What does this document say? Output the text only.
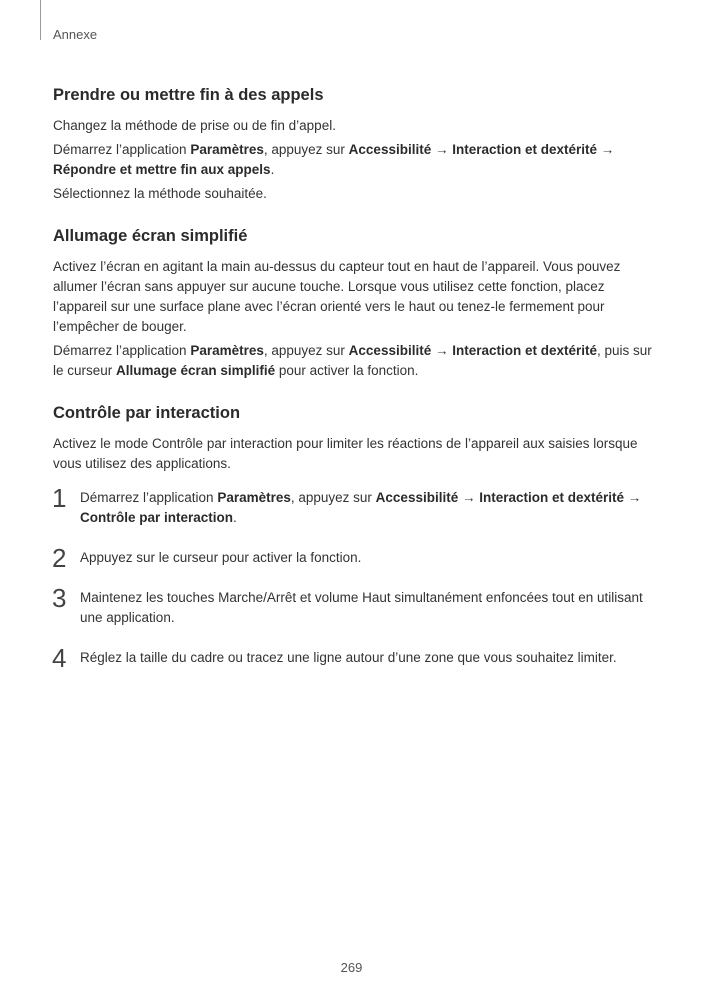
Annexe
Prendre ou mettre fin à des appels

Changez la méthode de prise ou de fin d’appel.

Démarrez l’application Paramètres, appuyez sur Accessibilité → Interaction et dextérité → Répondre et mettre fin aux appels.

Sélectionnez la méthode souhaitée.

Allumage écran simplifié

Activez l’écran en agitant la main au-dessus du capteur tout en haut de l’appareil. Vous pouvez allumer l’écran sans appuyer sur aucune touche. Lorsque vous utilisez cette fonction, placez l’appareil sur une surface plane avec l’écran orienté vers le haut ou tenez-le fermement pour l’empêcher de bouger.

Démarrez l’application Paramètres, appuyez sur Accessibilité → Interaction et dextérité, puis sur le curseur Allumage écran simplifié pour activer la fonction.

Contrôle par interaction

Activez le mode Contrôle par interaction pour limiter les réactions de l’appareil aux saisies lorsque vous utilisez des applications.

1 Démarrez l’application Paramètres, appuyez sur Accessibilité → Interaction et dextérité → Contrôle par interaction.

2 Appuyez sur le curseur pour activer la fonction.

3 Maintenez les touches Marche/Arrêt et volume Haut simultanément enfoncées tout en utilisant une application.

4 Réglez la taille du cadre ou tracez une ligne autour d’une zone que vous souhaitez limiter.

269
